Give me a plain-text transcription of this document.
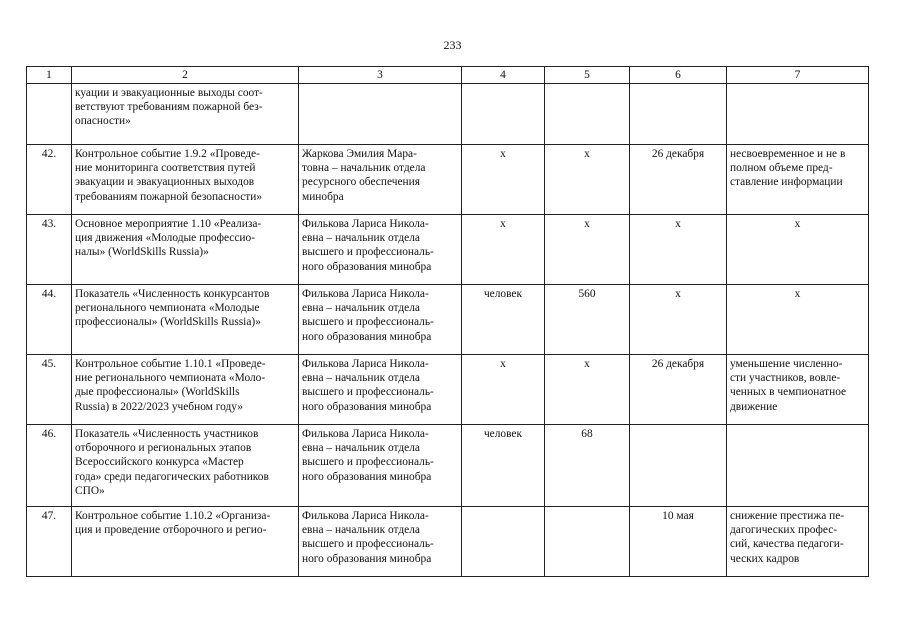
233
1	2	3	4	5	6	7

	куации и эвакуационные выходы соот-
ветствуют требованиям пожарной без-
опасности»					

42.	Контрольное событие 1.9.2 «Проведе-
ние мониторинга соответствия путей
эвакуации и эвакуационных выходов
требованиям пожарной безопасности»	Жаркова Эмилия Мара-
товна – начальник отдела
ресурсного обеспечения
минобра	x	x	26 декабря	несвоевременное и не в
полном объеме пред-
ставление информации

43.	Основное мероприятие 1.10 «Реализа-
ция движения «Молодые профессио-
налы» (WorldSkills Russia)»	Филькова Лариса Никола-
евна – начальник отдела
высшего и профессиональ-
ного образования минобра	x	x	x	x

44.	Показатель «Численность конкурсантов
регионального чемпионата «Молодые
профессионалы» (WorldSkills Russia)»	Филькова Лариса Никола-
евна – начальник отдела
высшего и профессиональ-
ного образования минобра	человек	560	x	x

45.	Контрольное событие 1.10.1 «Проведе-
ние регионального чемпионата «Моло-
дые профессионалы» (WorldSkills
Russia) в 2022/2023 учебном году»	Филькова Лариса Никола-
евна – начальник отдела
высшего и профессиональ-
ного образования минобра	x	x	26 декабря	уменьшение численно-
сти участников, вовле-
ченных в чемпионатное
движение

46.	Показатель «Численность участников
отборочного и региональных этапов
Всероссийского конкурса «Мастер
года» среди педагогических работников
СПО»	Филькова Лариса Никола-
евна – начальник отдела
высшего и профессиональ-
ного образования минобра	человек	68		
47.	Контрольное событие 1.10.2 «Организа-
ция и проведение отборочного и регио-	Филькова Лариса Никола-
евна – начальник отдела
высшего и профессиональ-
ного образования минобра			10 мая	снижение престижа пе-
дагогических профес-
сий, качества педагоги-
ческих кадров
